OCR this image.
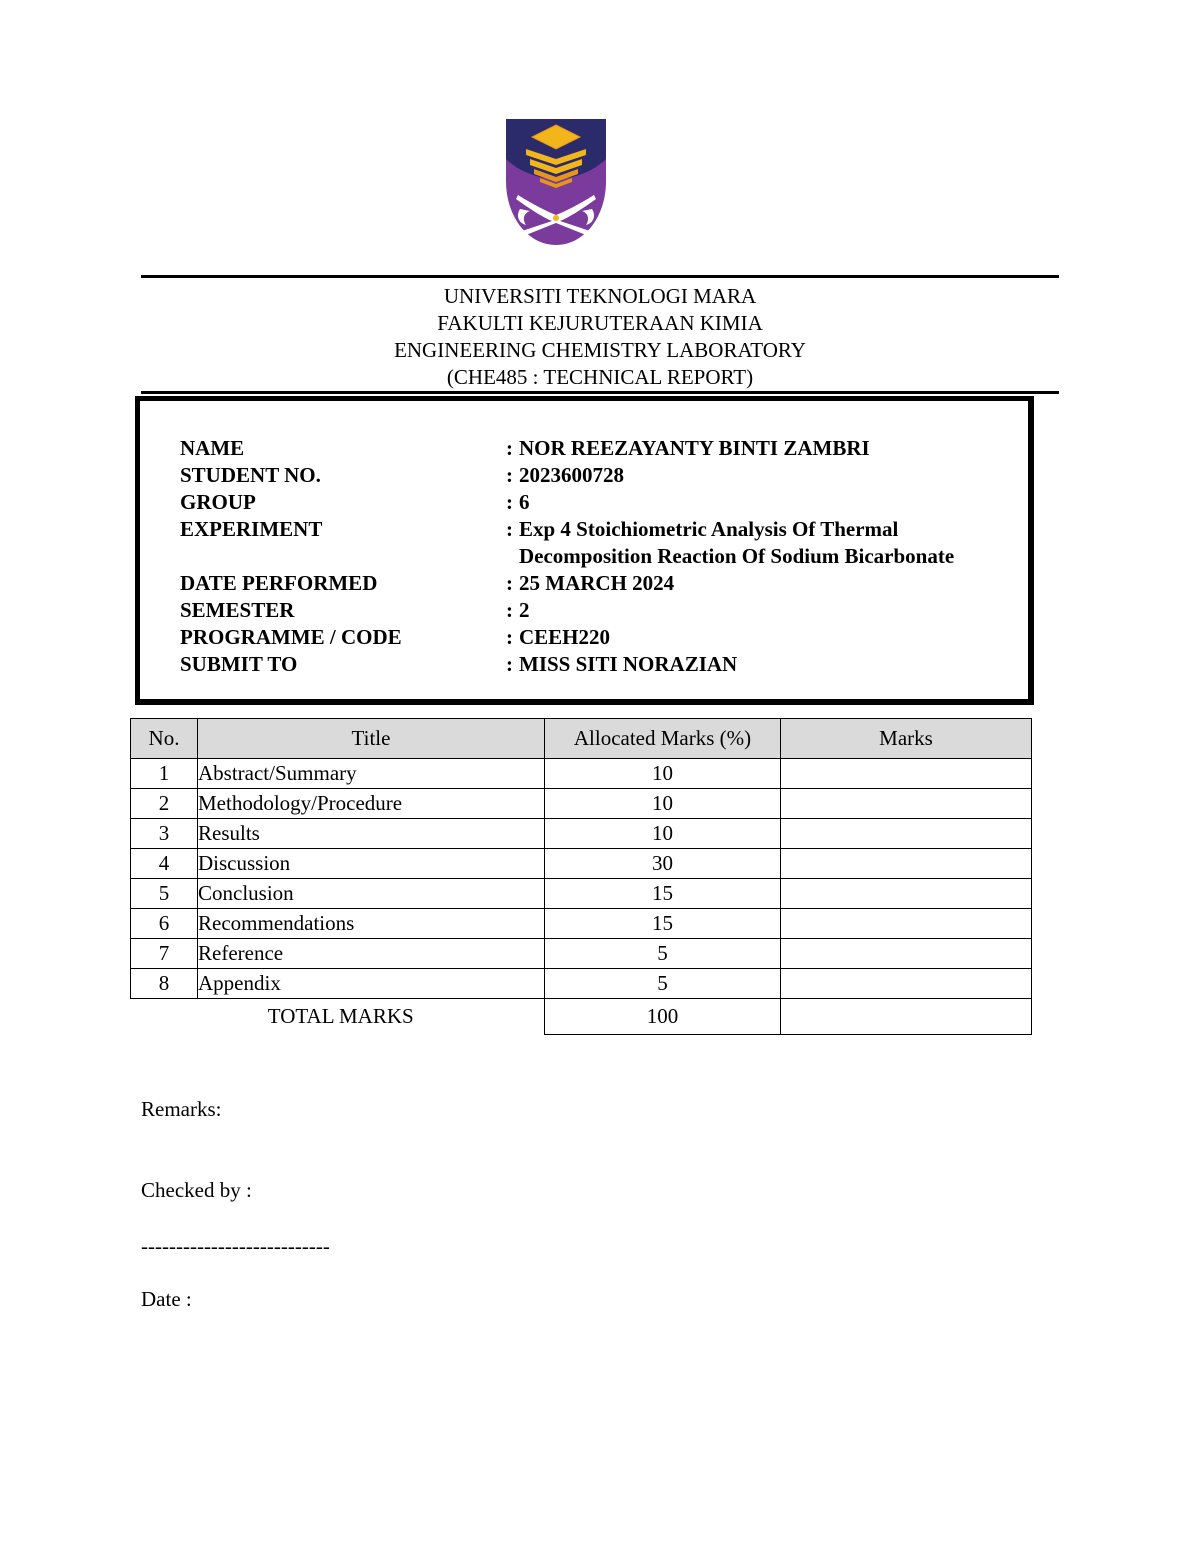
UNIVERSITI TEKNOLOGI MARA
FAKULTI KEJURUTERAAN KIMIA
ENGINEERING CHEMISTRY LABORATORY
(CHE485 : TECHNICAL REPORT)
NAME	: NOR REEZAYANTY BINTI ZAMBRI
STUDENT NO.	: 2023600728
GROUP	: 6
EXPERIMENT	: Exp 4 Stoichiometric Analysis Of Thermal
Decomposition Reaction Of Sodium Bicarbonate
DATE PERFORMED	: 25 MARCH 2024
SEMESTER	: 2
PROGRAMME / CODE	: CEEH220
SUBMIT TO	: MISS SITI NORAZIAN
No.	Title	Allocated Marks (%)	Marks
1	Abstract/Summary	10	
2	Methodology/Procedure	10	
3	Results	10	
4	Discussion	30	
5	Conclusion	15	
6	Recommendations	15	
7	Reference	5	
8	Appendix	5	
	TOTAL MARKS	100	
Remarks:
Checked by :
---------------------------
Date :
